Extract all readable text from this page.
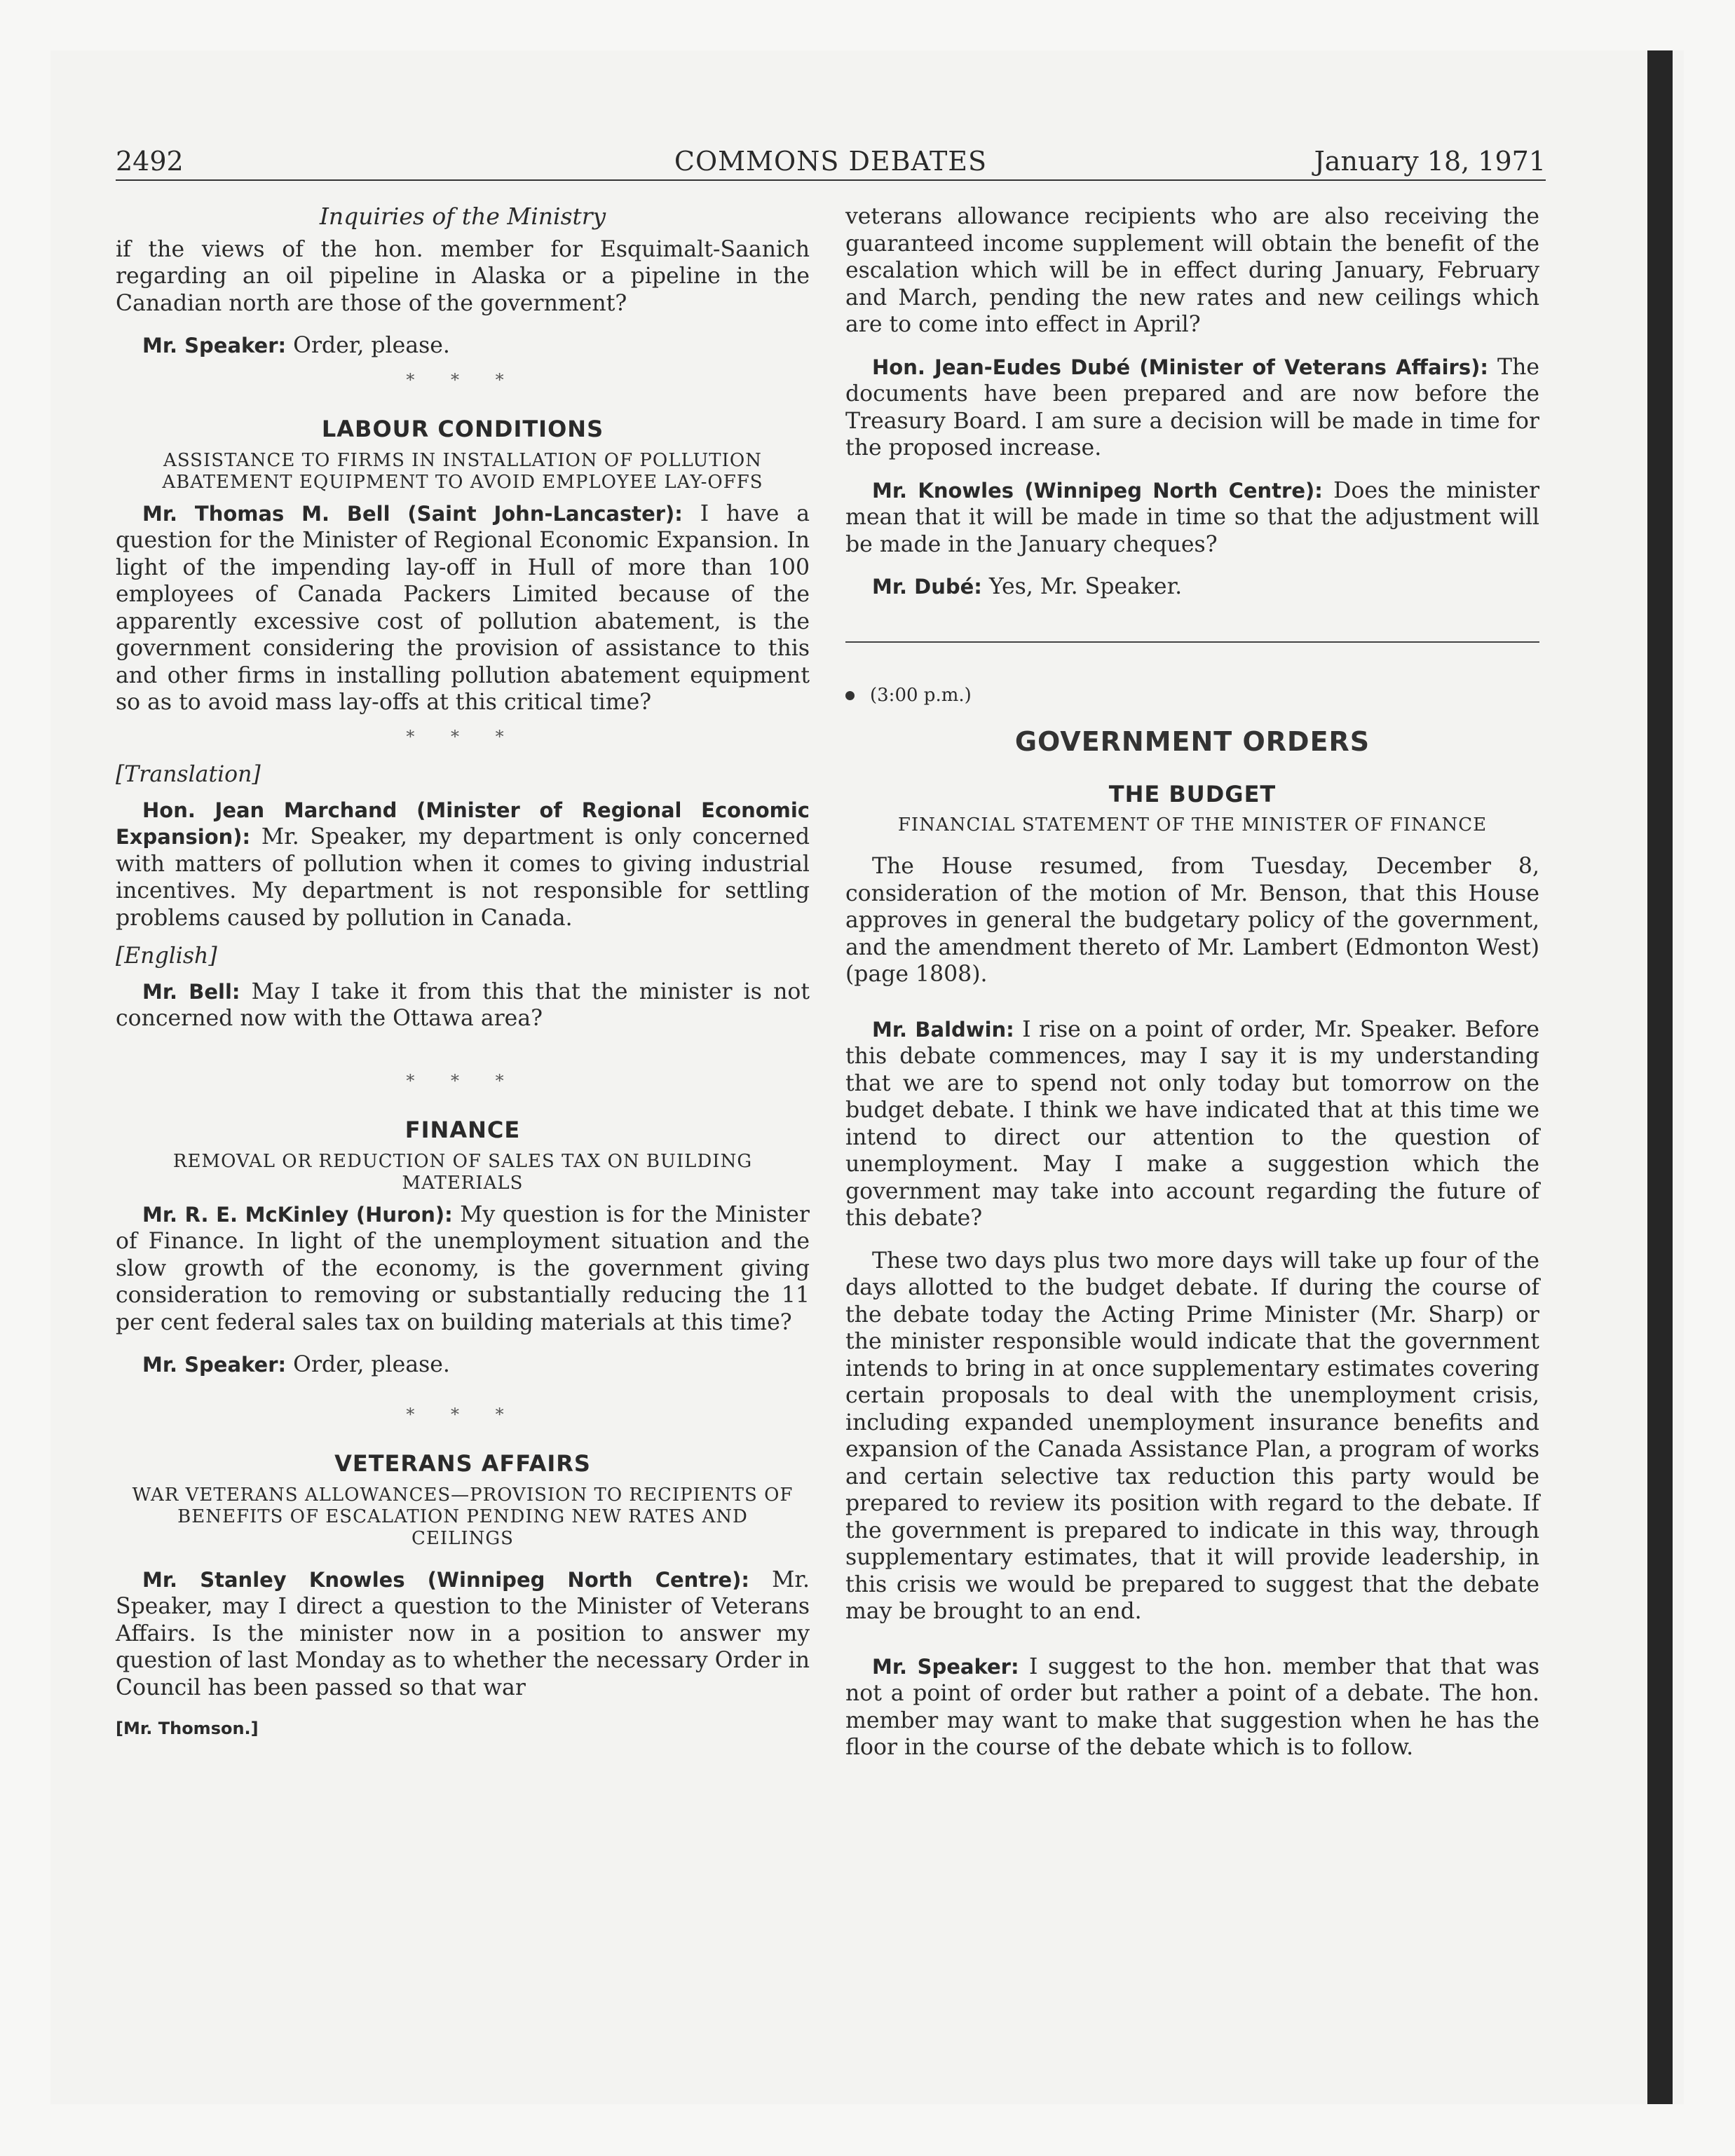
2492	COMMONS DEBATES	January 18, 1971
Inquiries of the Ministry

if the views of the hon. member for Esquimalt-Saanich regarding an oil pipeline in Alaska or a pipeline in the Canadian north are those of the government?

Mr. Speaker: Order, please.

* * *
LABOUR CONDITIONS
ASSISTANCE TO FIRMS IN INSTALLATION OF POLLUTION ABATEMENT EQUIPMENT TO AVOID EMPLOYEE LAY-OFFS

Mr. Thomas M. Bell (Saint John-Lancaster): I have a question for the Minister of Regional Economic Expansion. In light of the impending lay-off in Hull of more than 100 employees of Canada Packers Limited because of the apparently excessive cost of pollution abatement, is the government considering the provision of assistance to this and other firms in installing pollution abatement equipment so as to avoid mass lay-offs at this critical time?

* * *
[Translation]

Hon. Jean Marchand (Minister of Regional Economic Expansion): Mr. Speaker, my department is only concerned with matters of pollution when it comes to giving industrial incentives. My department is not responsible for settling problems caused by pollution in Canada.

[English]

Mr. Bell: May I take it from this that the minister is not concerned now with the Ottawa area?

* * *
FINANCE
REMOVAL OR REDUCTION OF SALES TAX ON BUILDING MATERIALS

Mr. R. E. McKinley (Huron): My question is for the Minister of Finance. In light of the unemployment situation and the slow growth of the economy, is the government giving consideration to removing or substantially reducing the 11 per cent federal sales tax on building materials at this time?

Mr. Speaker: Order, please.

* * *
VETERANS AFFAIRS
WAR VETERANS ALLOWANCES—PROVISION TO RECIPIENTS OF BENEFITS OF ESCALATION PENDING NEW RATES AND CEILINGS

Mr. Stanley Knowles (Winnipeg North Centre): Mr. Speaker, may I direct a question to the Minister of Veterans Affairs. Is the minister now in a position to answer my question of last Monday as to whether the necessary Order in Council has been passed so that war

[Mr. Thomson.]

veterans allowance recipients who are also receiving the guaranteed income supplement will obtain the benefit of the escalation which will be in effect during January, February and March, pending the new rates and new ceilings which are to come into effect in April?

Hon. Jean-Eudes Dubé (Minister of Veterans Affairs): The documents have been prepared and are now before the Treasury Board. I am sure a decision will be made in time for the proposed increase.

Mr. Knowles (Winnipeg North Centre): Does the minister mean that it will be made in time so that the adjustment will be made in the January cheques?

Mr. Dubé: Yes, Mr. Speaker.

(3:00 p.m.)
GOVERNMENT ORDERS
THE BUDGET
FINANCIAL STATEMENT OF THE MINISTER OF FINANCE

The House resumed, from Tuesday, December 8, consideration of the motion of Mr. Benson, that this House approves in general the budgetary policy of the government, and the amendment thereto of Mr. Lambert (Edmonton West) (page 1808).

Mr. Baldwin: I rise on a point of order, Mr. Speaker. Before this debate commences, may I say it is my understanding that we are to spend not only today but tomorrow on the budget debate. I think we have indicated that at this time we intend to direct our attention to the question of unemployment. May I make a suggestion which the government may take into account regarding the future of this debate?

These two days plus two more days will take up four of the days allotted to the budget debate. If during the course of the debate today the Acting Prime Minister (Mr. Sharp) or the minister responsible would indicate that the government intends to bring in at once supplementary estimates covering certain proposals to deal with the unemployment crisis, including expanded unemployment insurance benefits and expansion of the Canada Assistance Plan, a program of works and certain selective tax reduction this party would be prepared to review its position with regard to the debate. If the government is prepared to indicate in this way, through supplementary estimates, that it will provide leadership, in this crisis we would be prepared to suggest that the debate may be brought to an end.

Mr. Speaker: I suggest to the hon. member that that was not a point of order but rather a point of a debate. The hon. member may want to make that suggestion when he has the floor in the course of the debate which is to follow.
